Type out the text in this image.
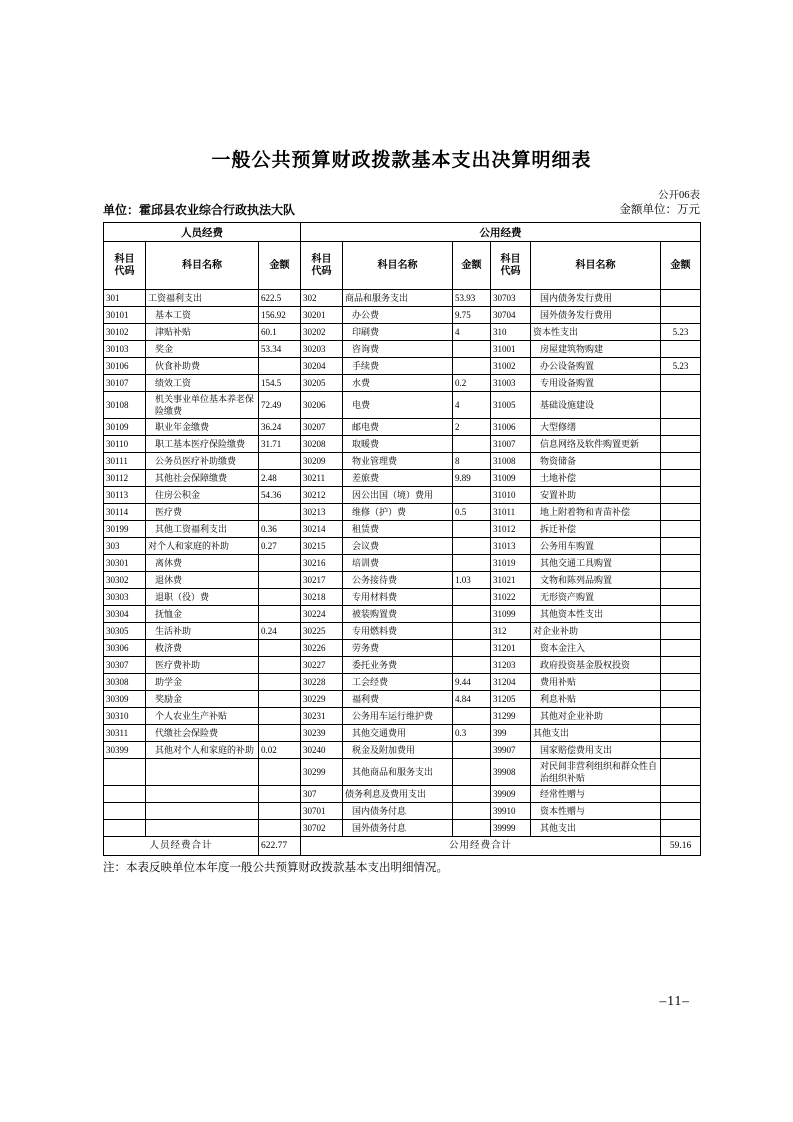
一般公共预算财政拨款基本支出决算明细表
公开06表
单位：霍邱县农业综合行政执法大队	金额单位：万元
人员经费			公用经费					
科目代码	科目名称	金额	科目代码	科目名称	金额	科目代码	科目名称	金额
301	工资福利支出	622.5	302	商品和服务支出	53.93	30703	国内债务发行费用	
30101	基本工资	156.92	30201	办公费	9.75	30704	国外债务发行费用	
30102	津贴补贴	60.1	30202	印刷费	4	310	资本性支出	5.23
30103	奖金	53.34	30203	咨询费		31001	房屋建筑物购建	
30106	伙食补助费		30204	手续费		31002	办公设备购置	5.23
30107	绩效工资	154.5	30205	水费	0.2	31003	专用设备购置	
30108	机关事业单位基本养老保险缴费	72.49	30206	电费	4	31005	基础设施建设	
30109	职业年金缴费	36.24	30207	邮电费	2	31006	大型修缮	
30110	职工基本医疗保险缴费	31.71	30208	取暖费		31007	信息网络及软件购置更新	
30111	公务员医疗补助缴费		30209	物业管理费	8	31008	物资储备	
30112	其他社会保障缴费	2.48	30211	差旅费	9.89	31009	土地补偿	
30113	住房公积金	54.36	30212	因公出国（境）费用		31010	安置补助	
30114	医疗费		30213	维修（护）费	0.5	31011	地上附着物和青苗补偿	
30199	其他工资福利支出	0.36	30214	租赁费		31012	拆迁补偿	
303	对个人和家庭的补助	0.27	30215	会议费		31013	公务用车购置	
30301	离休费		30216	培训费		31019	其他交通工具购置	
30302	退休费		30217	公务接待费	1.03	31021	文物和陈列品购置	
30303	退职（役）费		30218	专用材料费		31022	无形资产购置	
30304	抚恤金		30224	被装购置费		31099	其他资本性支出	
30305	生活补助	0.24	30225	专用燃料费		312	对企业补助	
30306	救济费		30226	劳务费		31201	资本金注入	
30307	医疗费补助		30227	委托业务费		31203	政府投资基金股权投资	
30308	助学金		30228	工会经费	9.44	31204	费用补贴	
30309	奖励金		30229	福利费	4.84	31205	利息补贴	
30310	个人农业生产补贴		30231	公务用车运行维护费		31299	其他对企业补助	
30311	代缴社会保险费		30239	其他交通费用	0.3	399	其他支出	
30399	其他对个人和家庭的补助	0.02	30240	税金及附加费用		39907	国家赔偿费用支出	
			30299	其他商品和服务支出		39908	对民间非营利组织和群众性自治组织补贴	
			307	债务利息及费用支出		39909	经常性赠与	
			30701	国内债务付息		39910	资本性赠与	
			30702	国外债务付息		39999	其他支出	
人员经费合计		622.77	公用经费合计					59.16
注：本表反映单位本年度一般公共预算财政拨款基本支出明细情况。
–11–
